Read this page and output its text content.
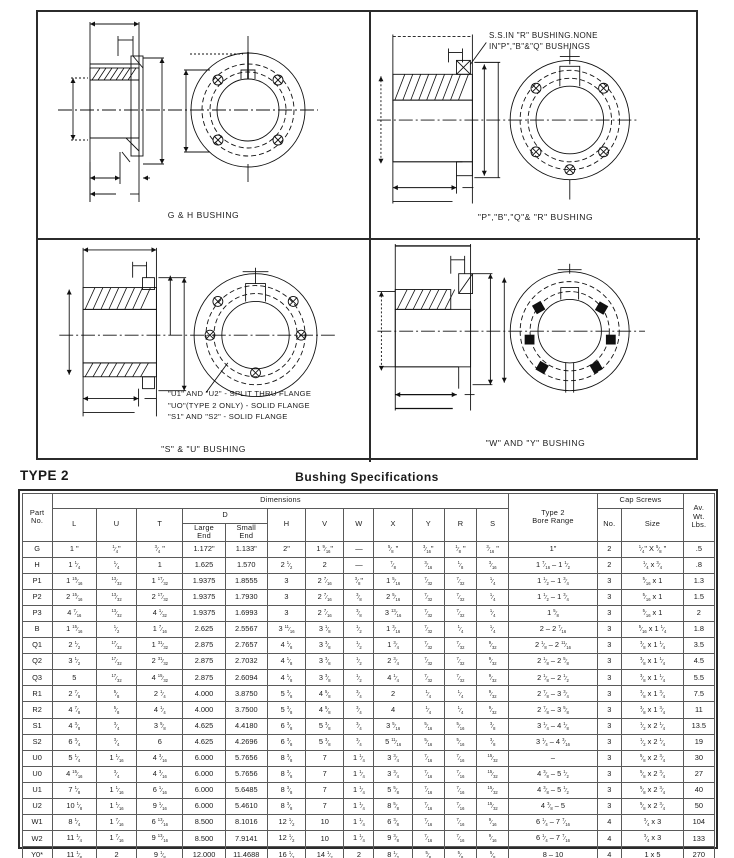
G & H BUSHING
S.S.IN "R" BUSHING.NONE
IN"P","B"&"Q" BUSHINGS
"P","B","Q"& "R" BUSHING
"U1" AND "U2" - SPLIT THRU FLANGE
"UO"(TYPE 2 ONLY) - SOLID FLANGE
"S1" AND "S2" - SOLID FLANGE
"S" & "U" BUSHING
"W" AND "Y" BUSHING
TYPE 2	Bushing Specifications
Part
No.
	Dimensions	
Type 2
Bore Range
	Cap Screws	
Av.
Wt.
Lbs.

	L	U	T	D		H	V	W	X	Y	R	S		No.	Size	

Large
End

Small
End

G	1 "	$^1⁄_4$"	$^3⁄_4$ "	1.172"	1.133"	2"	1 $^9⁄_{16}$"	—	$^5⁄_8$ "	$^3⁄_{16}$"	$^1⁄_8$ "	$^3⁄_{16}$ "	1"	2	$^1⁄_4$" X $^5⁄_8$ "	.5
H	1 $^1⁄_4$	$^1⁄_4$	1	1.625	1.570	2 $^1⁄_2$	2	—	$^7⁄_8$	$^3⁄_{16}$	$^1⁄_8$	$^3⁄_{16}$	1 $^7⁄_{16} - 1$ $^1⁄_2$	2	$^1⁄_4$ x $^3⁄_4$	.8
P1	1 $^{15}⁄_{16}$	$^{13}⁄_{32}$	1 $^{17}⁄_{32}$	1.9375	1.8555	3	2 $^7⁄_{16}$	$^3⁄_8$"	1 $^5⁄_{16}$	$^7⁄_{32}$	$^7⁄_{32}$	$^1⁄_4$	1 $^1⁄_2 - 1$ $^3⁄_4$	3	$^5⁄_{16}$ x 1	1.3
P2	2 $^{15}⁄_{16}$	$^{13}⁄_{32}$	2 $^{17}⁄_{32}$	1.9375	1.7930	3	2 $^7⁄_{16}$	$^3⁄_8$	2 $^5⁄_{16}$	$^7⁄_{32}$	$^7⁄_{32}$	$^1⁄_4$	1 $^1⁄_2 - 1$ $^3⁄_4$	3	$^5⁄_{16}$ x 1	1.5
P3	4 $^7⁄_{16}$	$^{13}⁄_{32}$	4 $^1⁄_{32}$	1.9375	1.6993	3	2 $^7⁄_{16}$	$^3⁄_8$	3 $^{13}⁄_{16}$	$^7⁄_{32}$	$^7⁄_{32}$	$^1⁄_4$	1 $^5⁄_8$	3	$^5⁄_{16}$ x 1	2
B	1 $^{15}⁄_{16}$	$^1⁄_2$	1 $^7⁄_{16}$	2.625	2.5567	3 $^{11}⁄_{16}$	3 $^1⁄_8$	$^1⁄_2$	1 $^3⁄_{16}$	$^7⁄_{32}$	$^1⁄_4$	$^1⁄_4$	2 – 2 $^7⁄_{16}$	3	$^5⁄_{16}$ x 1 $^1⁄_4$	1.8
Q1	2 $^1⁄_2$	$^{17}⁄_{32}$	1 $^{31}⁄_{32}$	2.875	2.7657	4 $^1⁄_8$	3 $^3⁄_8$	$^1⁄_2$	1 $^3⁄_4$	$^7⁄_{32}$	$^7⁄_{32}$	$^9⁄_{32}$	2 $^1⁄_8 - 2$ $^{11}⁄_{16}$	3	$^3⁄_8$ x 1 $^1⁄_4$	3.5
Q2	3 $^1⁄_2$	$^{17}⁄_{32}$	2 $^{31}⁄_{32}$	2.875	2.7032	4 $^1⁄_8$	3 $^3⁄_8$	$^1⁄_2$	2 $^3⁄_4$	$^7⁄_{32}$	$^7⁄_{32}$	$^9⁄_{32}$	2 $^1⁄_8 - 2$ $^5⁄_8$	3	$^3⁄_8$ x 1 $^1⁄_4$	4.5
Q3	5	$^{17}⁄_{32}$	4 $^{15}⁄_{32}$	2.875	2.6094	4 $^1⁄_8$	3 $^3⁄_8$	$^1⁄_2$	4 $^1⁄_4$	$^7⁄_{32}$	$^7⁄_{32}$	$^9⁄_{32}$	2 $^1⁄_8 - 2$ $^1⁄_2$	3	$^3⁄_8$ x 1 $^1⁄_4$	5.5
R1	2 $^7⁄_8$	$^5⁄_8$	2 $^1⁄_4$	4.000	3.8750	5 $^3⁄_8$	4 $^5⁄_8$	$^3⁄_4$	2	$^1⁄_4$	$^1⁄_4$	$^9⁄_{32}$	2 $^7⁄_8 - 3$ $^3⁄_4$	3	$^3⁄_8$ x 1 $^3⁄_4$	7.5
R2	4 $^7⁄_8$	$^5⁄_8$	4 $^1⁄_4$	4.000	3.7500	5 $^3⁄_8$	4 $^5⁄_8$	$^3⁄_4$	4	$^1⁄_4$	$^1⁄_4$	$^9⁄_{32}$	2 $^7⁄_8 - 3$ $^5⁄_8$	3	$^3⁄_8$ x 1 $^3⁄_4$	11
S1	4 $^3⁄_8$	$^3⁄_4$	3 $^5⁄_8$	4.625	4.4180	6 $^3⁄_8$	5 $^3⁄_8$	$^3⁄_4$	3 $^5⁄_{16}$	$^5⁄_{16}$	$^5⁄_{16}$	$^3⁄_8$	3 $^1⁄_4 - 4$ $^1⁄_8$	3	$^1⁄_2$ x 2 $^1⁄_4$	13.5
S2	6 $^3⁄_4$	$^3⁄_4$	6	4.625	4.2696	6 $^3⁄_8$	5 $^3⁄_8$	$^3⁄_4$	5 $^{11}⁄_{16}$	$^5⁄_{16}$	$^5⁄_{16}$	$^3⁄_8$	3 $^1⁄_4 - 4$ $^3⁄_{16}$	3	$^1⁄_2$ x 2 $^1⁄_4$	19
U0	5 $^1⁄_4$	1 $^1⁄_{16}$	4 $^3⁄_{16}$	6.000	5.7656	8 $^3⁄_8$	7	1 $^1⁄_4$	3 $^3⁄_4$	$^7⁄_{16}$	$^7⁄_{16}$	$^{15}⁄_{32}$	–	3	$^5⁄_8$ x 2 $^3⁄_4$	30
U0	4 $^{15}⁄_{16}$	$^3⁄_4$	4 $^3⁄_{16}$	6.000	5.7656	8 $^3⁄_8$	7	1 $^1⁄_4$	3 $^3⁄_4$	$^7⁄_{16}$	$^7⁄_{16}$	$^{15}⁄_{32}$	4 $^3⁄_8 - 5$ $^1⁄_2$	3	$^5⁄_8$ x 2 $^3⁄_4$	27
U1	7 $^1⁄_8$	1 $^1⁄_{16}$	6 $^1⁄_{16}$	6.000	5.6485	8 $^3⁄_8$	7	1 $^1⁄_4$	5 $^5⁄_8$	$^7⁄_{16}$	$^7⁄_{16}$	$^{15}⁄_{32}$	4 $^3⁄_8 - 5$ $^1⁄_2$	3	$^5⁄_8$ x 2 $^3⁄_4$	40
U2	10 $^1⁄_8$	1 $^1⁄_{16}$	9 $^1⁄_{16}$	6.000	5.4610	8 $^3⁄_8$	7	1 $^1⁄_4$	8 $^5⁄_8$	$^7⁄_{16}$	$^7⁄_{16}$	$^{15}⁄_{32}$	4 $^3⁄_8 - 5$	3	$^5⁄_8$ x 2 $^3⁄_4$	50
W1	8 $^1⁄_4$	1 $^7⁄_{16}$	6 $^{13}⁄_{16}$	8.500	8.1016	12 $^1⁄_2$	10	1 $^1⁄_4$	6 $^3⁄_8$	$^7⁄_{16}$	$^7⁄_{16}$	$^9⁄_{16}$	6 $^1⁄_4 - 7$ $^7⁄_{16}$	4	$^3⁄_4$ x 3	104
W2	11 $^1⁄_4$	1 $^7⁄_{16}$	9 $^{13}⁄_{16}$	8.500	7.9141	12 $^1⁄_2$	10	1 $^1⁄_4$	9 $^3⁄_8$	$^7⁄_{16}$	$^7⁄_{16}$	$^9⁄_{16}$	6 $^1⁄_4 - 7$ $^7⁄_{16}$	4	$^3⁄_4$ x 3	133
Y0*	11 $^1⁄_8$	2	9 $^1⁄_8$	12.000	11.4688	16 $^1⁄_2$	14 $^1⁄_2$	2	8 $^1⁄_2$	$^5⁄_8$	$^5⁄_8$	$^5⁄_8$	8 – 10	4	1 x 5	270
